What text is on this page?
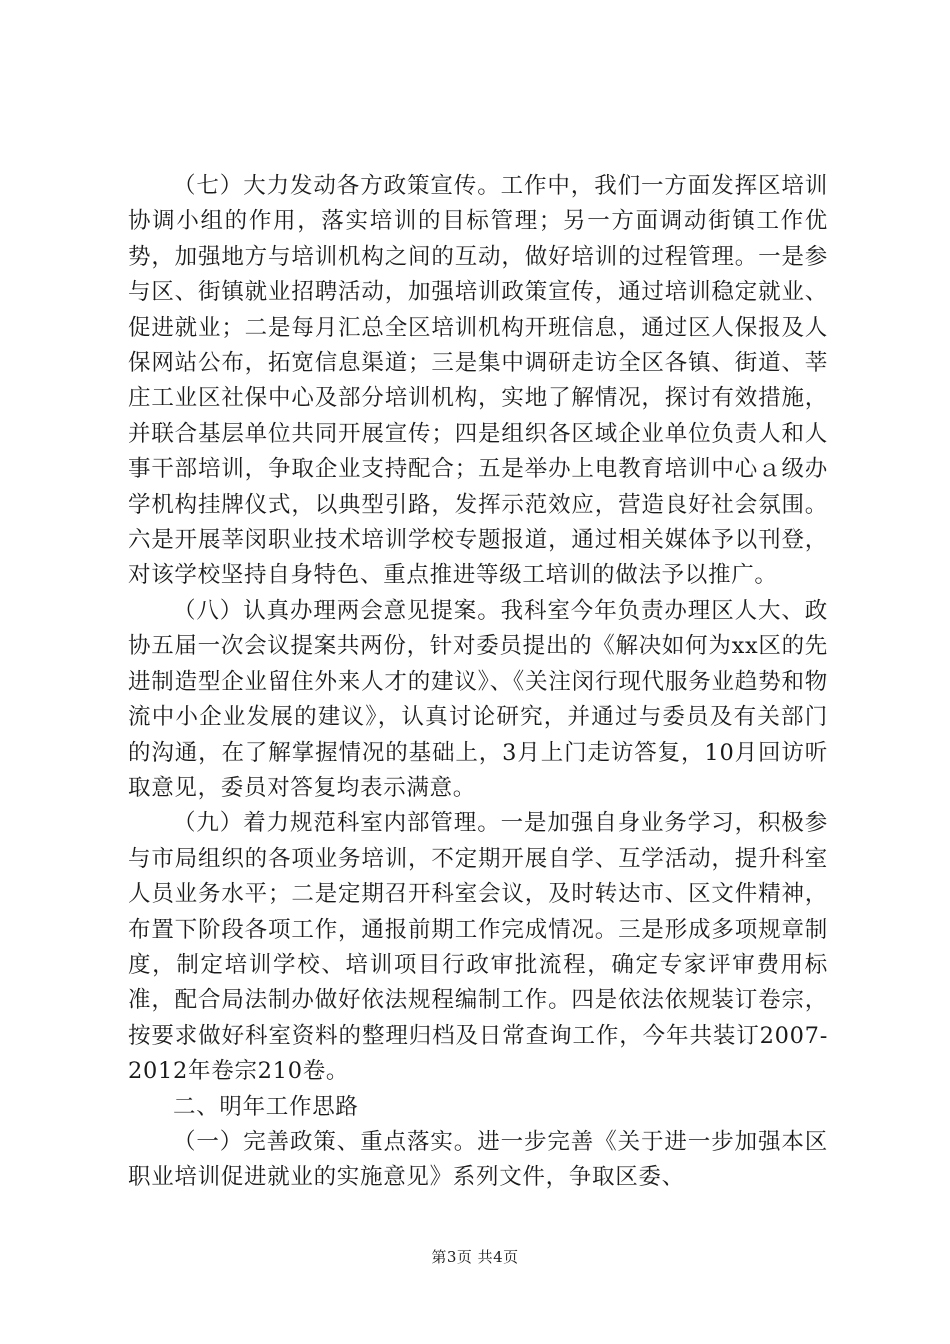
（七）大力发动各方政策宣传。工作中，我们一方面发挥区培训协调小组的作用，落实培训的目标管理；另一方面调动街镇工作优势，加强地方与培训机构之间的互动，做好培训的过程管理。一是参与区、街镇就业招聘活动，加强培训政策宣传，通过培训稳定就业、促进就业；二是每月汇总全区培训机构开班信息，通过区人保报及人保网站公布，拓宽信息渠道；三是集中调研走访全区各镇、街道、莘庄工业区社保中心及部分培训机构，实地了解情况，探讨有效措施，并联合基层单位共同开展宣传；四是组织各区域企业单位负责人和人事干部培训，争取企业支持配合；五是举办上电教育培训中心ａ级办学机构挂牌仪式，以典型引路，发挥示范效应，营造良好社会氛围。六是开展莘闵职业技术培训学校专题报道，通过相关媒体予以刊登，对该学校坚持自身特色、重点推进等级工培训的做法予以推广。

（八）认真办理两会意见提案。我科室今年负责办理区人大、政协五届一次会议提案共两份，针对委员提出的《解决如何为xx区的先进制造型企业留住外来人才的建议》、《关注闵行现代服务业趋势和物流中小企业发展的建议》，认真讨论研究，并通过与委员及有关部门的沟通，在了解掌握情况的基础上，3月上门走访答复，10月回访听取意见，委员对答复均表示满意。

（九）着力规范科室内部管理。一是加强自身业务学习，积极参与市局组织的各项业务培训，不定期开展自学、互学活动，提升科室人员业务水平；二是定期召开科室会议，及时转达市、区文件精神，布置下阶段各项工作，通报前期工作完成情况。三是形成多项规章制度，制定培训学校、培训项目行政审批流程，确定专家评审费用标准，配合局法制办做好依法规程编制工作。四是依法依规装订卷宗，按要求做好科室资料的整理归档及日常查询工作，今年共装订2007-2012年卷宗210卷。

二、明年工作思路

（一）完善政策、重点落实。进一步完善《关于进一步加强本区职业培训促进就业的实施意见》系列文件，争取区委、

第3页 共4页
